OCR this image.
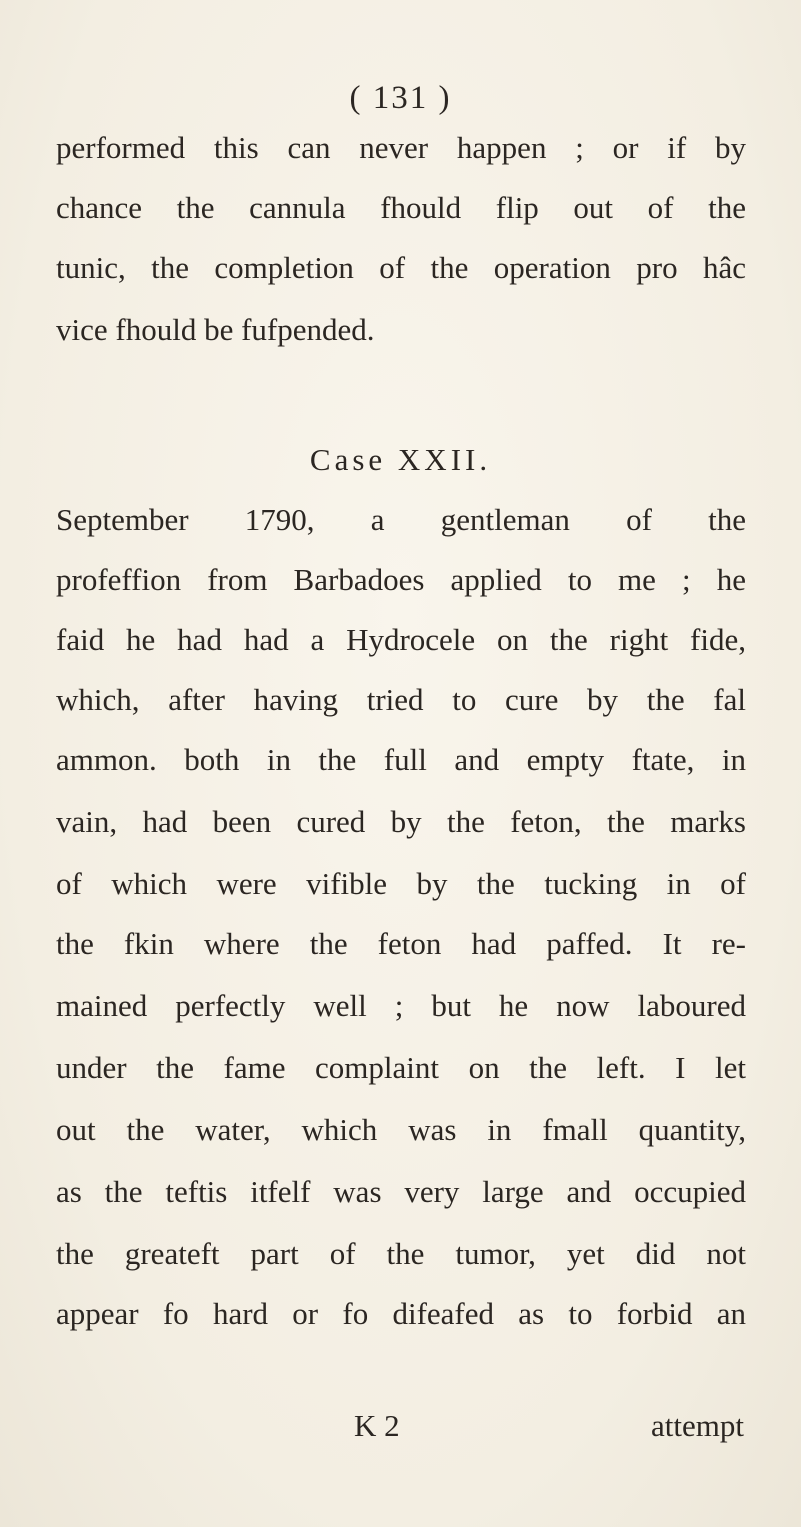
( 131 )
performed this can never happen ; or if by
chance the cannula fhould flip out of the
tunic, the completion of the operation pro hâc
vice fhould be fufpended.
Case XXII.
September 1790, a gentleman of the
profeffion from Barbadoes applied to me ; he
faid he had had a Hydrocele on the right fide,
which, after having tried to cure by the fal
ammon. both in the full and empty ftate, in
vain, had been cured by the feton, the marks
of which were vifible by the tucking in of
the fkin where the feton had paffed. It re-
mained perfectly well ; but he now laboured
under the fame complaint on the left. I let
out the water, which was in fmall quantity,
as the teftis itfelf was very large and occupied
the greateft part of the tumor, yet did not
appear fo hard or fo difeafed as to forbid an
K 2	attempt
